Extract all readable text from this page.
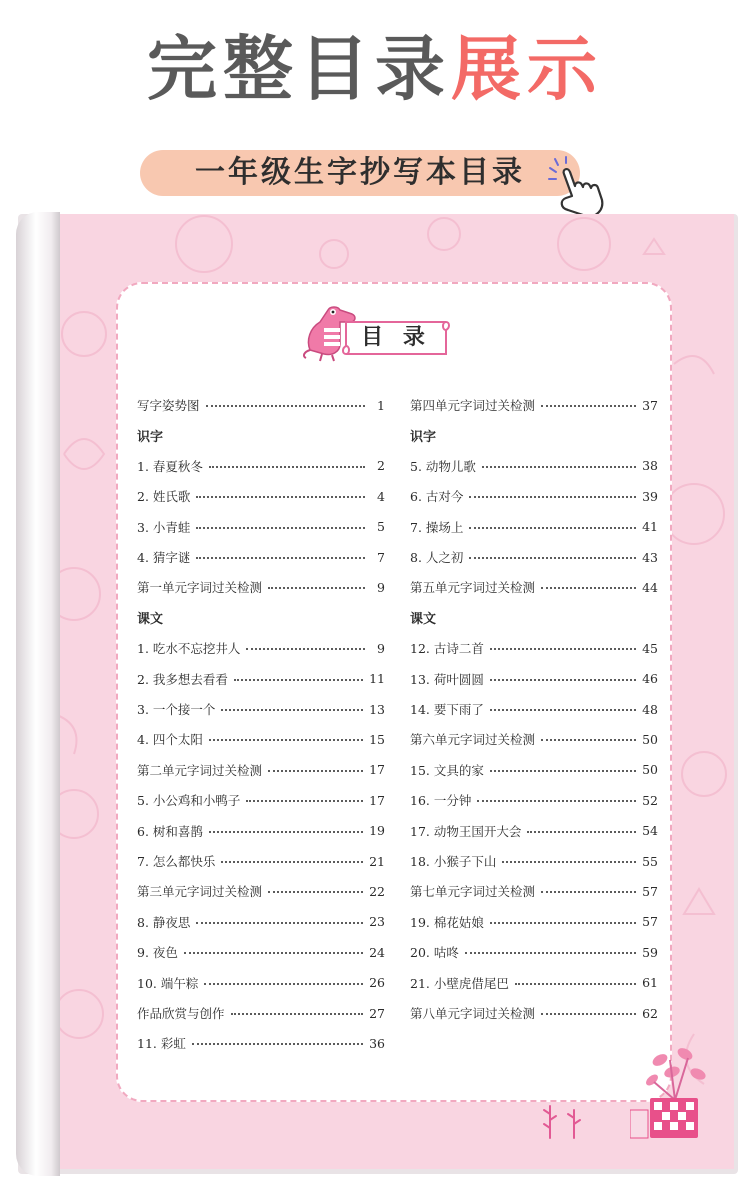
完整目录展示
一年级生字抄写本目录
目 录
写字姿势图	1
识字
1. 春夏秋冬	2
2. 姓氏歌	4
3. 小青蛙	5
4. 猜字谜	7
第一单元字词过关检测	9
课文
1. 吃水不忘挖井人	9
2. 我多想去看看	11
3. 一个接一个	13
4. 四个太阳	15
第二单元字词过关检测	17
5. 小公鸡和小鸭子	17
6. 树和喜鹊	19
7. 怎么都快乐	21
第三单元字词过关检测	22
8. 静夜思	23
9. 夜色	24
10. 端午粽	26
作品欣赏与创作	27
11. 彩虹	36
第四单元字词过关检测	37
识字
5. 动物儿歌	38
6. 古对今	39
7. 操场上	41
8. 人之初	43
第五单元字词过关检测	44
课文
12. 古诗二首	45
13. 荷叶圆圆	46
14. 要下雨了	48
第六单元字词过关检测	50
15. 文具的家	50
16. 一分钟	52
17. 动物王国开大会	54
18. 小猴子下山	55
第七单元字词过关检测	57
19. 棉花姑娘	57
20. 咕咚	59
21. 小壁虎借尾巴	61
第八单元字词过关检测	62
